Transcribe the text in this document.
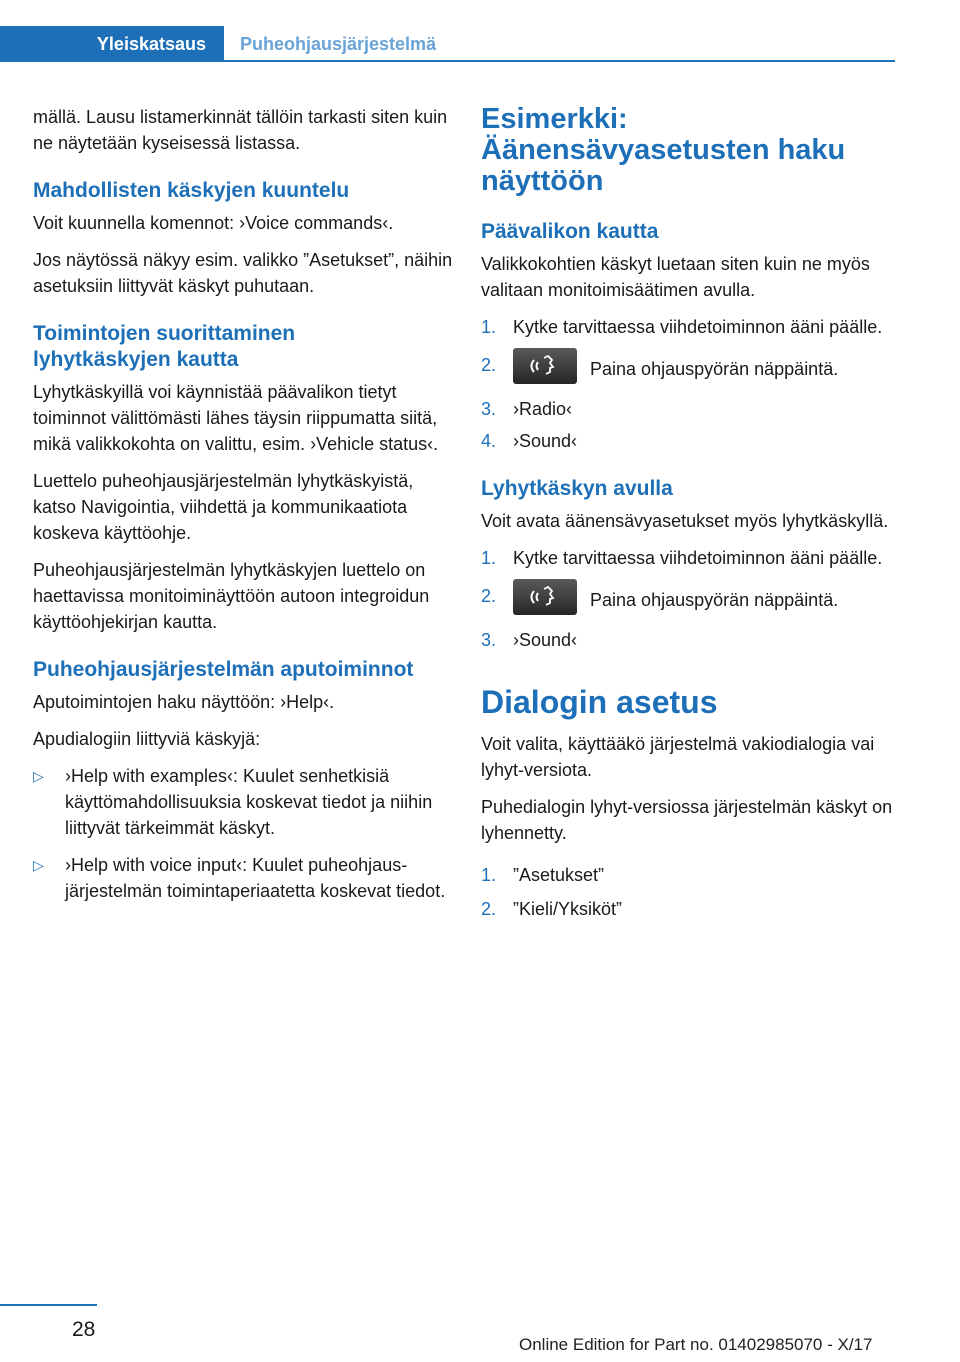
Yleiskatsaus	Puheohjausjärjestelmä

mällä. Lausu listamerkinnät tällöin tarkasti siten kuin ne näytetään kyseisessä listassa.

Mahdollisten käskyjen kuuntelu

Voit kuunnella komennot: ›Voice commands‹.

Jos näytössä näkyy esim. valikko ”Asetukset”, näihin asetuksiin liittyvät käskyt puhutaan.

Toimintojen suorittaminen lyhytkäskyjen kautta

Lyhytkäskyillä voi käynnistää päävalikon tietyt toiminnot välittömästi lähes täysin riippumatta siitä, mikä valikkokohta on valittu, esim. ›Vehicle status‹.

Luettelo puheohjausjärjestelmän lyhytkäskyistä, katso Navigointia, viihdettä ja kommunikaatiota koskeva käyttöohje.

Puheohjausjärjestelmän lyhytkäskyjen luettelo on haettavissa monitoiminäyttöön autoon integroidun käyttöohjekirjan kautta.

Puheohjausjärjestelmän aputoiminnot

Aputoimintojen haku näyttöön: ›Help‹.

Apudialogiin liittyviä käskyjä:

▷	›Help with examples‹: Kuulet senhetkisiä käyttömahdollisuuksia koskevat tiedot ja niihin liittyvät tärkeimmät käskyt.
▷	›Help with voice input‹: Kuulet puheohjausjärjestelmän toimintaperiaatetta koskevat tiedot.
Esimerkki: Äänensävyasetusten haku näyttöön
Päävalikon kautta

Valikkokohtien käskyt luetaan siten kuin ne myös valitaan monitoimisäätimen avulla.

1. Kytke tarvittaessa viihdetoiminnon ääni päälle.
2.	Paina ohjauspyörän näppäintä.
3. ›Radio‹
4. ›Sound‹
Lyhytkäskyn avulla

Voit avata äänensävyasetukset myös lyhytkäskyllä.

1. Kytke tarvittaessa viihdetoiminnon ääni päälle.
2.	Paina ohjauspyörän näppäintä.
3. ›Sound‹
Dialogin asetus

Voit valita, käyttääkö järjestelmä vakiodialogia vai lyhyt-versiota.

Puhedialogin lyhyt-versiossa järjestelmän käskyt on lyhennetty.

1. ”Asetukset”
2. ”Kieli/Yksiköt”
28
Online Edition for Part no. 01402985070 - X/17
